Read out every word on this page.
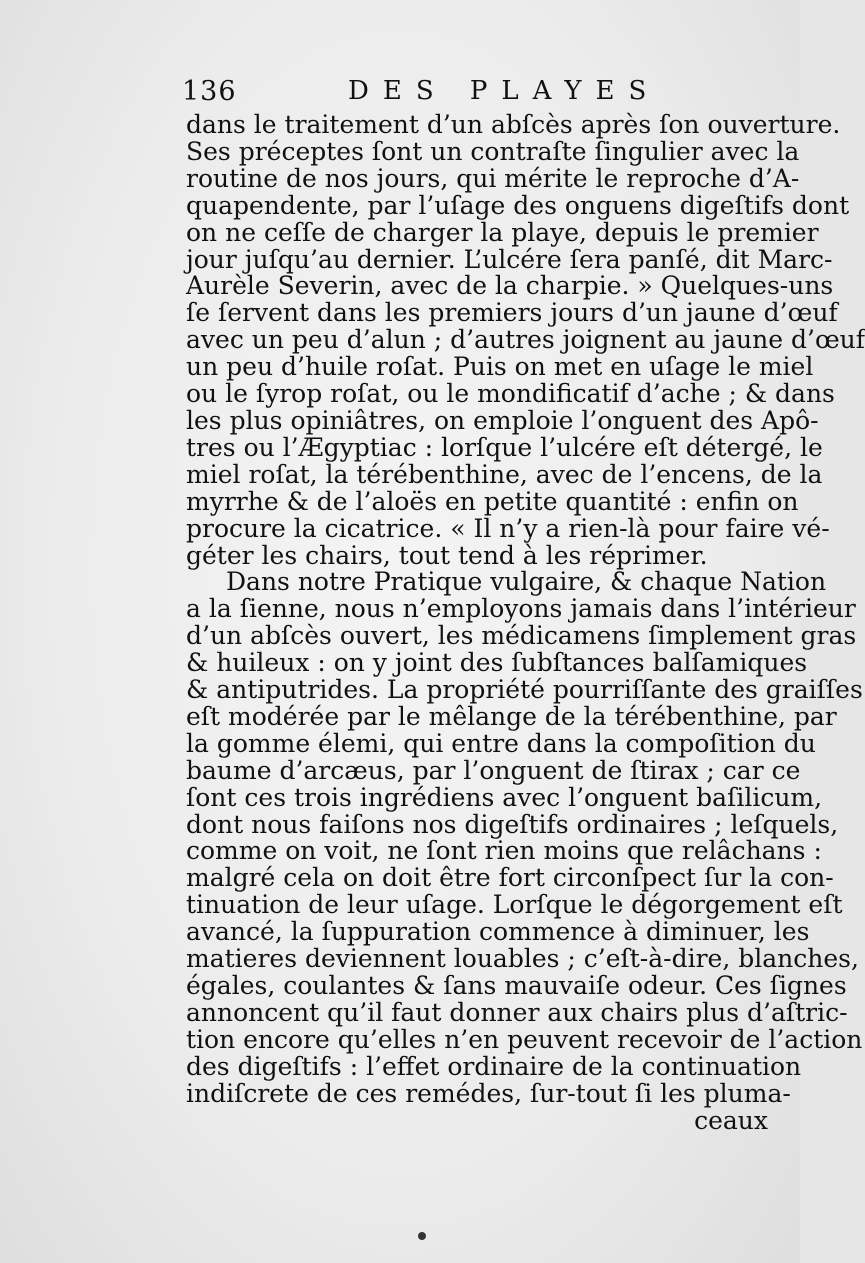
136	DES PLAYES
dans le traitement d’un abſcès après ſon ouverture.
Ses préceptes ſont un contraſte ſingulier avec la
routine de nos jours, qui mérite le reproche d’A-
quapendente, par l’uſage des onguens digeſtifs dont
on ne ceſſe de charger la playe, depuis le premier
jour juſqu’au dernier. L’ulcére ſera panſé, dit Marc-
Aurèle Severin, avec de la charpie. » Quelques-uns
ſe ſervent dans les premiers jours d’un jaune d’œuf
avec un peu d’alun ; d’autres joignent au jaune d’œuf
un peu d’huile roſat. Puis on met en uſage le miel
ou le ſyrop roſat, ou le mondificatif d’ache ; & dans
les plus opiniâtres, on emploie l’onguent des Apô-
tres ou l’Ægyptiac : lorſque l’ulcére eſt détergé, le
miel roſat, la térébenthine, avec de l’encens, de la
myrrhe & de l’aloës en petite quantité : enfin on
procure la cicatrice. « Il n’y a rien-là pour faire vé-
géter les chairs, tout tend à les réprimer.
Dans notre Pratique vulgaire, & chaque Nation
a la ſienne, nous n’employons jamais dans l’intérieur
d’un abſcès ouvert, les médicamens ſimplement gras
& huileux : on y joint des ſubſtances balſamiques
& antiputrides. La propriété pourriſſante des graiſſes
eſt modérée par le mêlange de la térébenthine, par
la gomme élemi, qui entre dans la compoſition du
baume d’arcæus, par l’onguent de ſtirax ; car ce
ſont ces trois ingrédiens avec l’onguent baſilicum,
dont nous faiſons nos digeſtifs ordinaires ; leſquels,
comme on voit, ne ſont rien moins que relâchans :
malgré cela on doit être fort circonſpect ſur la con-
tinuation de leur uſage. Lorſque le dégorgement eſt
avancé, la ſuppuration commence à diminuer, les
matieres deviennent louables ; c’eſt-à-dire, blanches,
égales, coulantes & ſans mauvaiſe odeur. Ces ſignes
annoncent qu’il faut donner aux chairs plus d’aſtric-
tion encore qu’elles n’en peuvent recevoir de l’action
des digeſtifs : l’effet ordinaire de la continuation
indiſcrete de ces remédes, ſur-tout ſi les pluma-
ceaux
